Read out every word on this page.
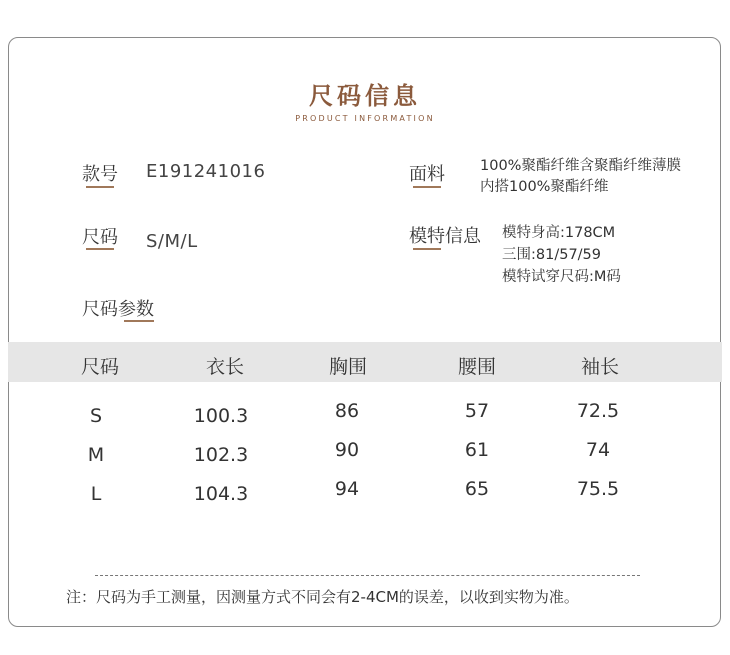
尺码信息
PRODUCT INFORMATION
款号 E191241016
尺码 S/M/L
面料 100%聚酯纤维含聚酯纤维薄膜
内搭100%聚酯纤维
模特信息 模特身高:178CM
三围:81/57/59
模特试穿尺码:M码
尺码参数
尺码	衣长	胸围	腰围	袖长
S	100.3	86	57	72.5
M	102.3	90	61	74
L	104.3	94	65	75.5
注：尺码为手工测量，因测量方式不同会有2-4CM的误差，以收到实物为准。
